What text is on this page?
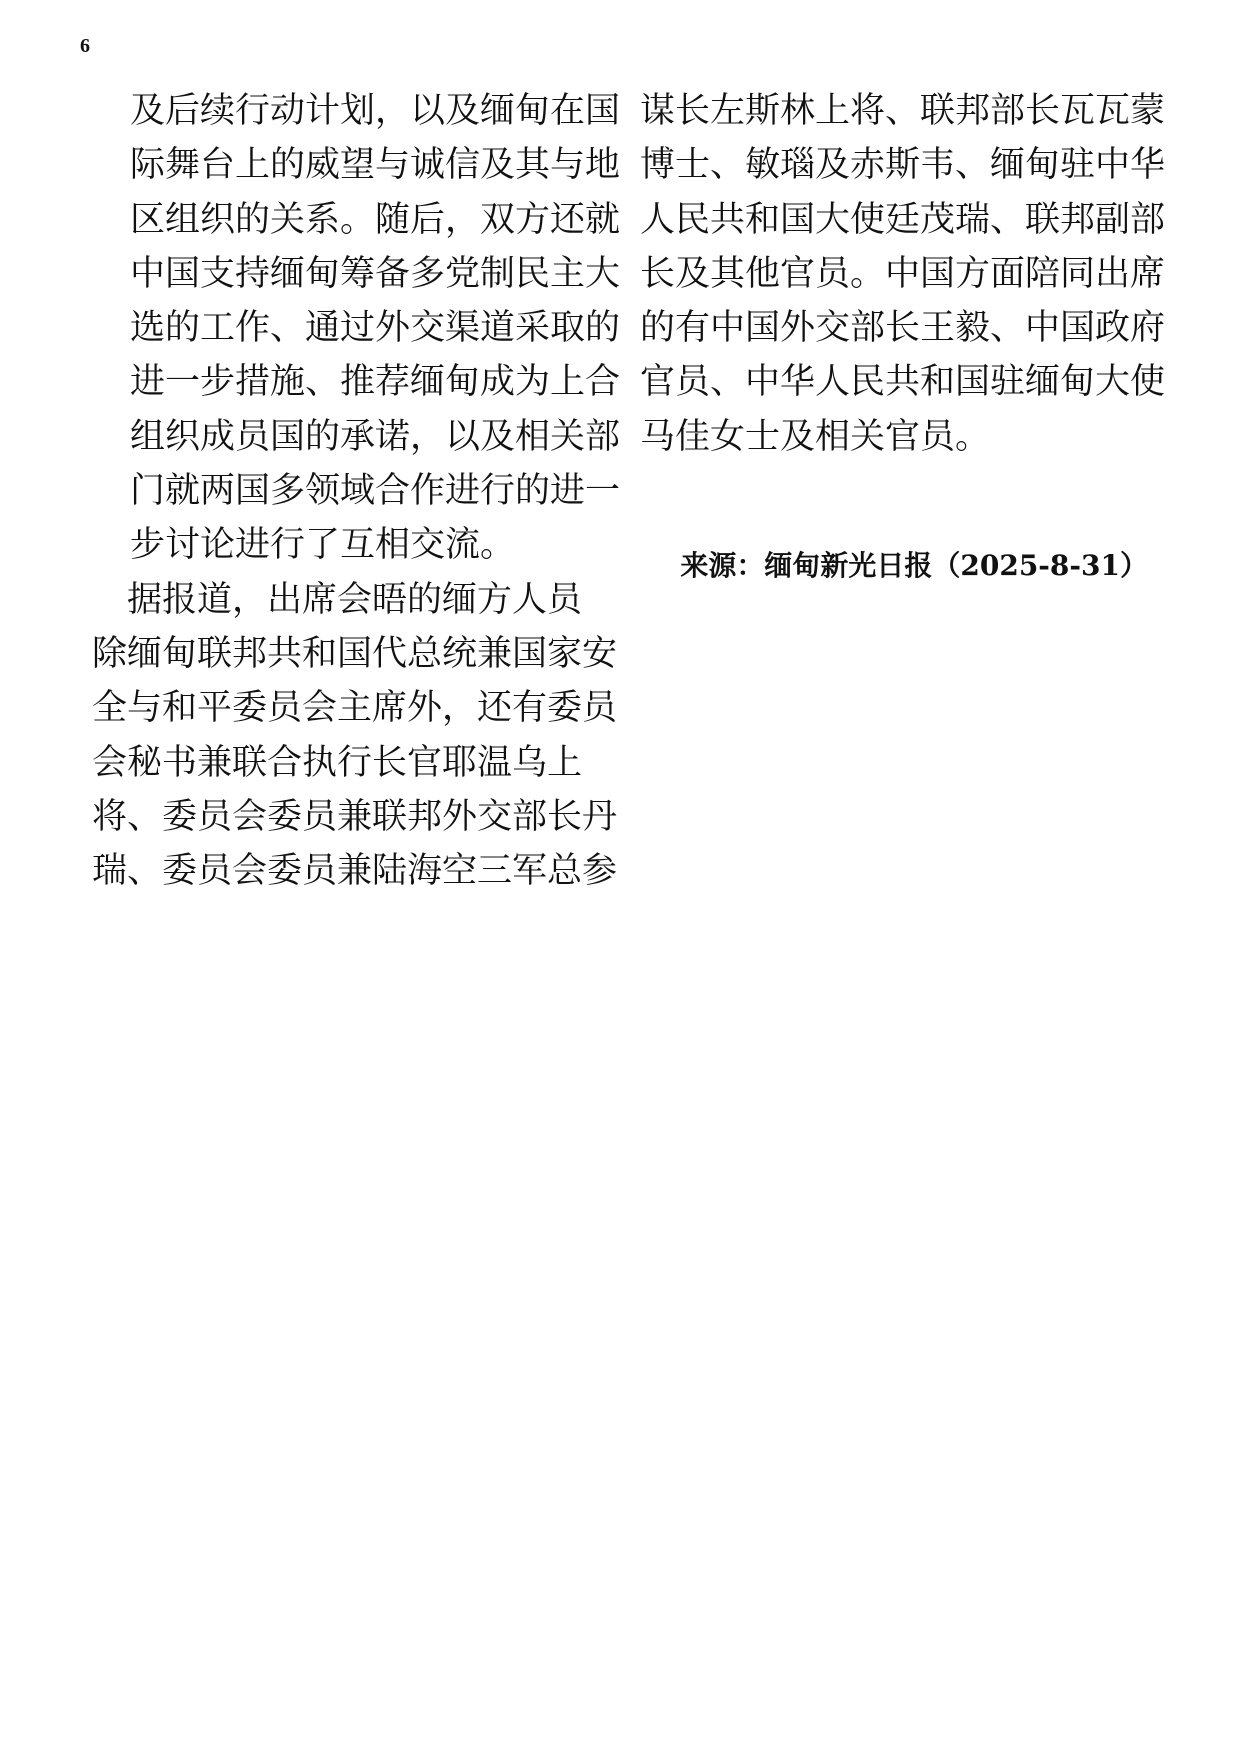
6
及后续行动计划，以及缅甸在国
际舞台上的威望与诚信及其与地
区组织的关系。随后，双方还就
中国支持缅甸筹备多党制民主大
选的工作、通过外交渠道采取的
进一步措施、推荐缅甸成为上合
组织成员国的承诺，以及相关部
门就两国多领域合作进行的进一
步讨论进行了互相交流。
　据报道，出席会晤的缅方人员
除缅甸联邦共和国代总统兼国家安
全与和平委员会主席外，还有委员
会秘书兼联合执行长官耶温乌上
将、委员会委员兼联邦外交部长丹
瑞、委员会委员兼陆海空三军总参
谋长左斯林上将、联邦部长瓦瓦蒙
博士、敏瑙及赤斯韦、缅甸驻中华
人民共和国大使廷茂瑞、联邦副部
长及其他官员。中国方面陪同出席
的有中国外交部长王毅、中国政府
官员、中华人民共和国驻缅甸大使
马佳女士及相关官员。
来源：缅甸新光日报（2025-8-31）
